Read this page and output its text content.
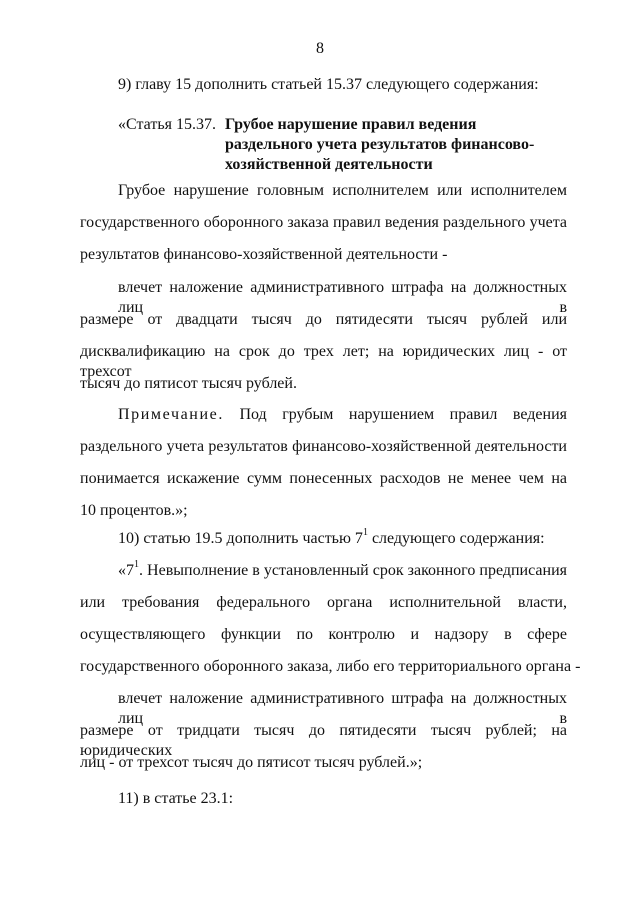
8
9) главу 15 дополнить статьей 15.37 следующего содержания:
«Статья 15.37. Грубое нарушение правил ведения раздельного учета результатов финансово-хозяйственной деятельности
Грубое нарушение головным исполнителем или исполнителем
государственного оборонного заказа правил ведения раздельного учета
результатов финансово-хозяйственной деятельности -
влечет наложение административного штрафа на должностных лиц в
размере от двадцати тысяч до пятидесяти тысяч рублей или
дисквалификацию на срок до трех лет; на юридических лиц - от трехсот
тысяч до пятисот тысяч рублей.
Примечание. Под грубым нарушением правил ведения
раздельного учета результатов финансово-хозяйственной деятельности
понимается искажение сумм понесенных расходов не менее чем на
10 процентов.»;
10) статью 19.5 дополнить частью $7^1$ следующего содержания:
«$7^1$. Невыполнение в установленный срок законного предписания
или требования федерального органа исполнительной власти,
осуществляющего функции по контролю и надзору в сфере
государственного оборонного заказа, либо его территориального органа -
влечет наложение административного штрафа на должностных лиц в
размере от тридцати тысяч до пятидесяти тысяч рублей; на юридических
лиц - от трехсот тысяч до пятисот тысяч рублей.»;
11) в статье 23.1:
